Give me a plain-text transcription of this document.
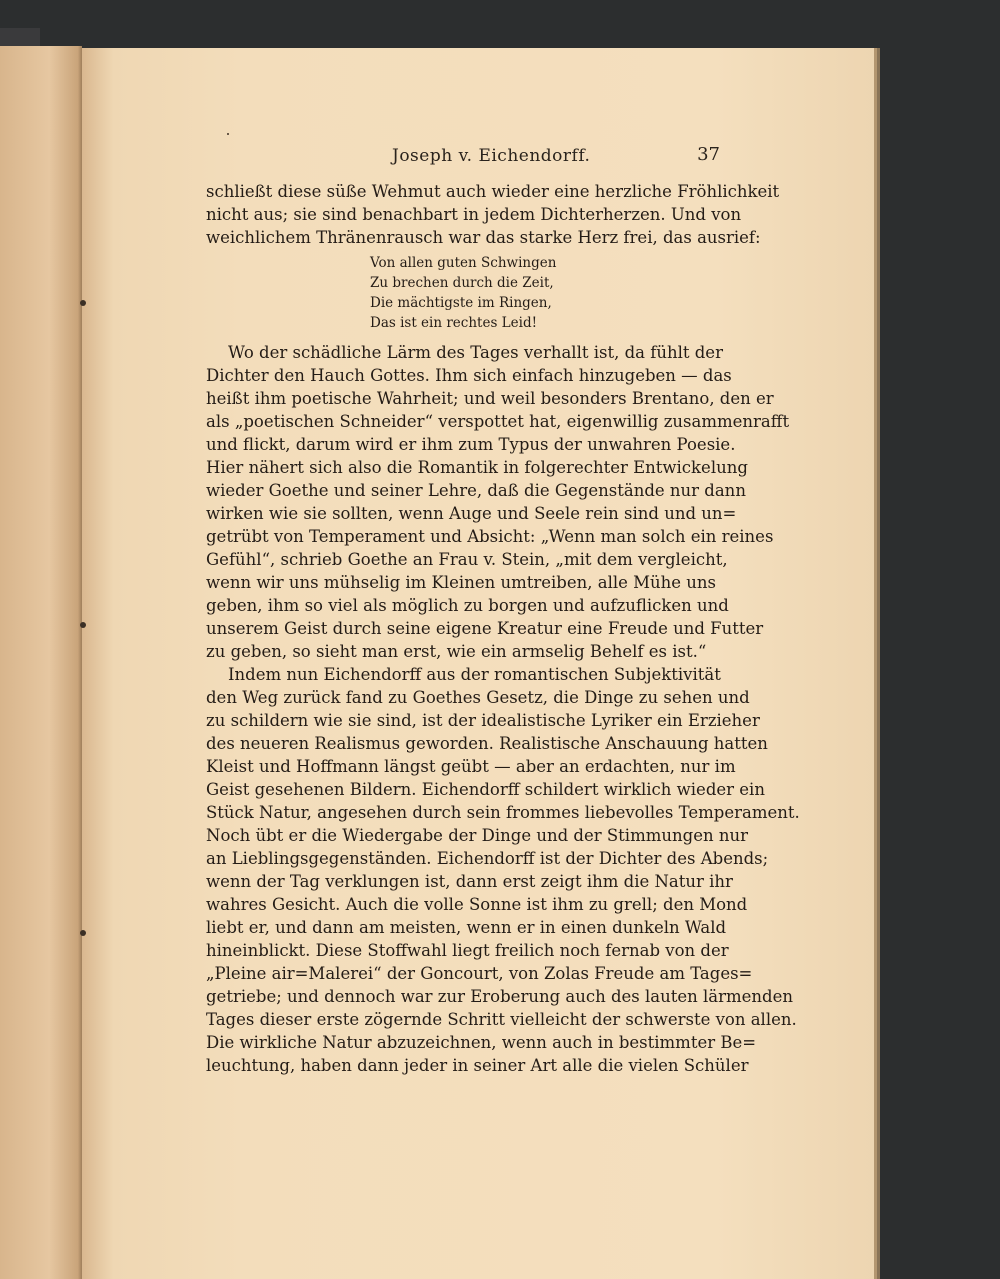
Joseph v. Eichendorff.	37
schließt diese süße Wehmut auch wieder eine herzliche Fröhlichkeit
nicht aus; sie sind benachbart in jedem Dichterherzen. Und von
weichlichem Thränenrausch war das starke Herz frei, das ausrief:
Von allen guten Schwingen
Zu brechen durch die Zeit,
Die mächtigste im Ringen,
Das ist ein rechtes Leid!
Wo der schädliche Lärm des Tages verhallt ist, da fühlt der
Dichter den Hauch Gottes. Ihm sich einfach hinzugeben — das
heißt ihm poetische Wahrheit; und weil besonders Brentano, den er
als „poetischen Schneider“ verspottet hat, eigenwillig zusammenrafft
und flickt, darum wird er ihm zum Typus der unwahren Poesie.
Hier nähert sich also die Romantik in folgerechter Entwickelung
wieder Goethe und seiner Lehre, daß die Gegenstände nur dann
wirken wie sie sollten, wenn Auge und Seele rein sind und un=
getrübt von Temperament und Absicht: „Wenn man solch ein reines
Gefühl“, schrieb Goethe an Frau v. Stein, „mit dem vergleicht,
wenn wir uns mühselig im Kleinen umtreiben, alle Mühe uns
geben, ihm so viel als möglich zu borgen und aufzuflicken und
unserem Geist durch seine eigene Kreatur eine Freude und Futter
zu geben, so sieht man erst, wie ein armselig Behelf es ist.“
Indem nun Eichendorff aus der romantischen Subjektivität
den Weg zurück fand zu Goethes Gesetz, die Dinge zu sehen und
zu schildern wie sie sind, ist der idealistische Lyriker ein Erzieher
des neueren Realismus geworden. Realistische Anschauung hatten
Kleist und Hoffmann längst geübt — aber an erdachten, nur im
Geist gesehenen Bildern. Eichendorff schildert wirklich wieder ein
Stück Natur, angesehen durch sein frommes liebevolles Temperament.
Noch übt er die Wiedergabe der Dinge und der Stimmungen nur
an Lieblingsgegenständen. Eichendorff ist der Dichter des Abends;
wenn der Tag verklungen ist, dann erst zeigt ihm die Natur ihr
wahres Gesicht. Auch die volle Sonne ist ihm zu grell; den Mond
liebt er, und dann am meisten, wenn er in einen dunkeln Wald
hineinblickt. Diese Stoffwahl liegt freilich noch fernab von der
„Pleine air=Malerei“ der Goncourt, von Zolas Freude am Tages=
getriebe; und dennoch war zur Eroberung auch des lauten lärmenden
Tages dieser erste zögernde Schritt vielleicht der schwerste von allen.
Die wirkliche Natur abzuzeichnen, wenn auch in bestimmter Be=
leuchtung, haben dann jeder in seiner Art alle die vielen Schüler
